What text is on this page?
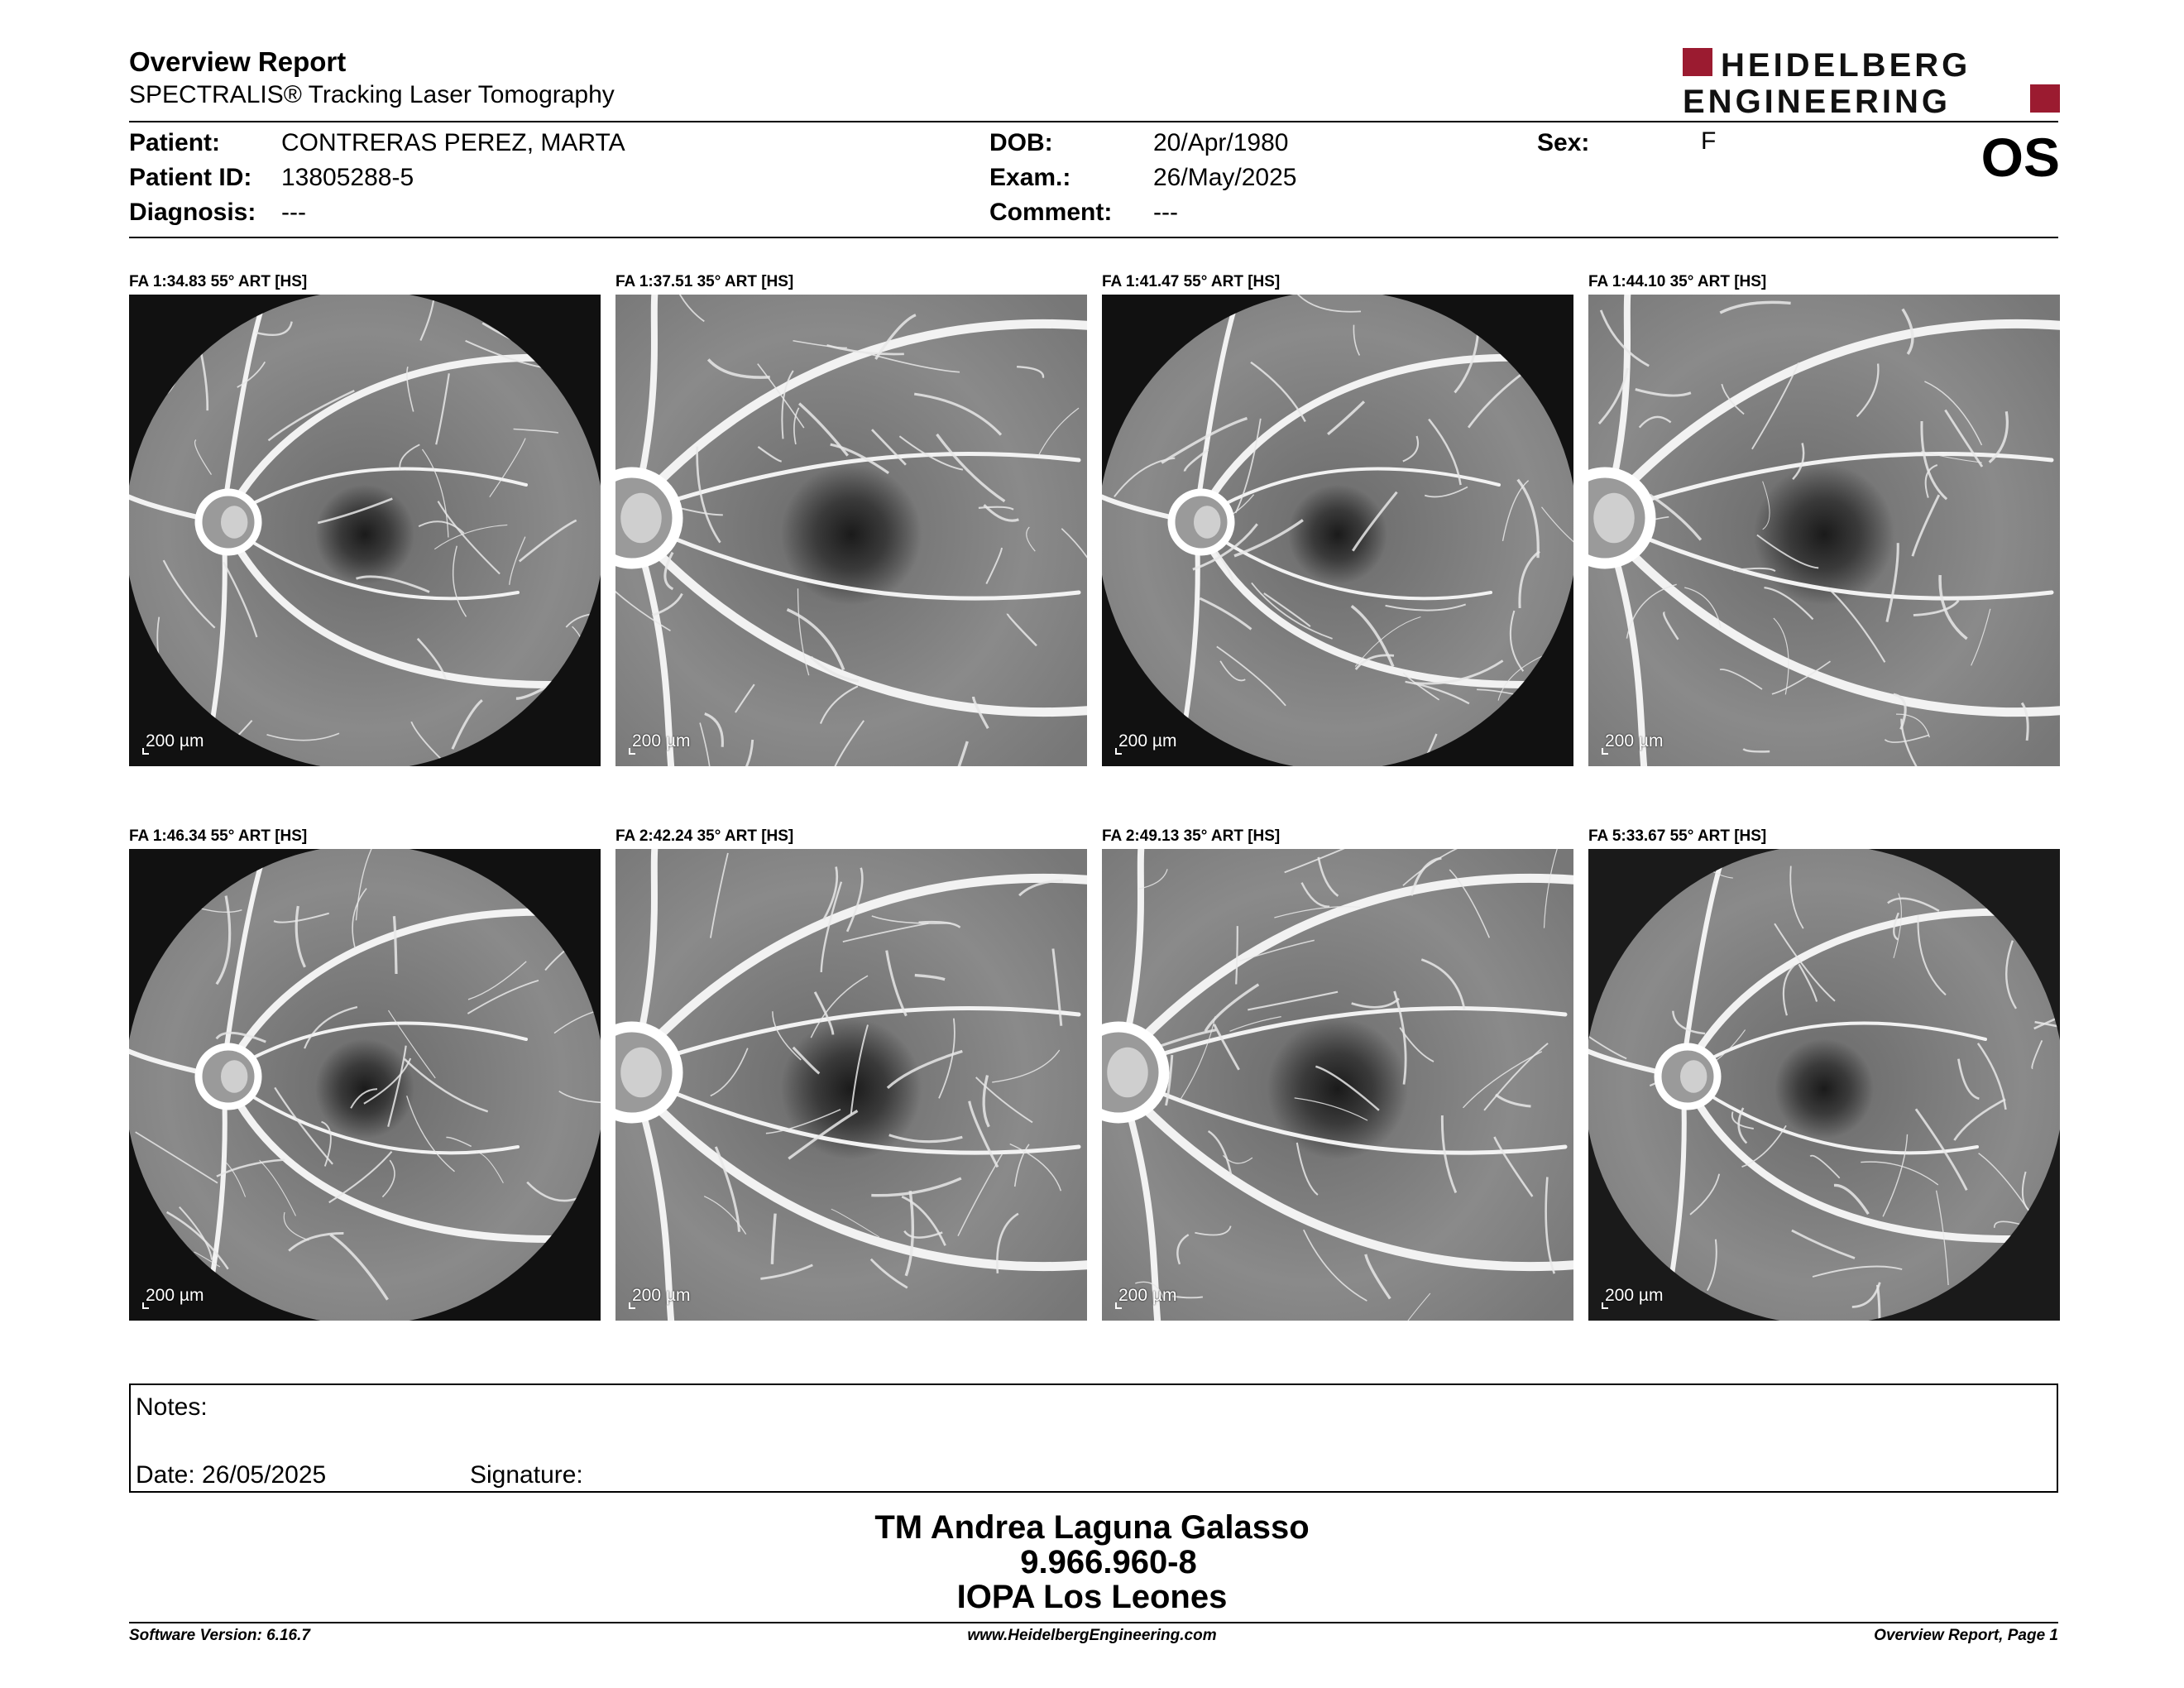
Overview Report
SPECTRALIS® Tracking Laser Tomography
HEIDELBERG
ENGINEERING
Patient: CONTRERAS PEREZ, MARTA
Patient ID: 13805288-5
Diagnosis: ---
DOB:	20/Apr/1980
Exam.:	26/May/2025
Comment: ---
Sex:	F	OS
FA 1:34.83 55° ART [HS]
200 µm
FA 1:37.51 35° ART [HS]
200 µm
FA 1:41.47 55° ART [HS]
200 µm
FA 1:44.10 35° ART [HS]
200 µm
FA 1:46.34 55° ART [HS]
200 µm
FA 2:42.24 35° ART [HS]
200 µm
FA 2:49.13 35° ART [HS]
200 µm
FA 5:33.67 55° ART [HS]
200 µm
Notes:
Date: 26/05/2025	Signature:
TM Andrea Laguna Galasso
9.966.960-8
IOPA Los Leones
Software Version: 6.16.7	www.HeidelbergEngineering.com	Overview Report, Page 1
